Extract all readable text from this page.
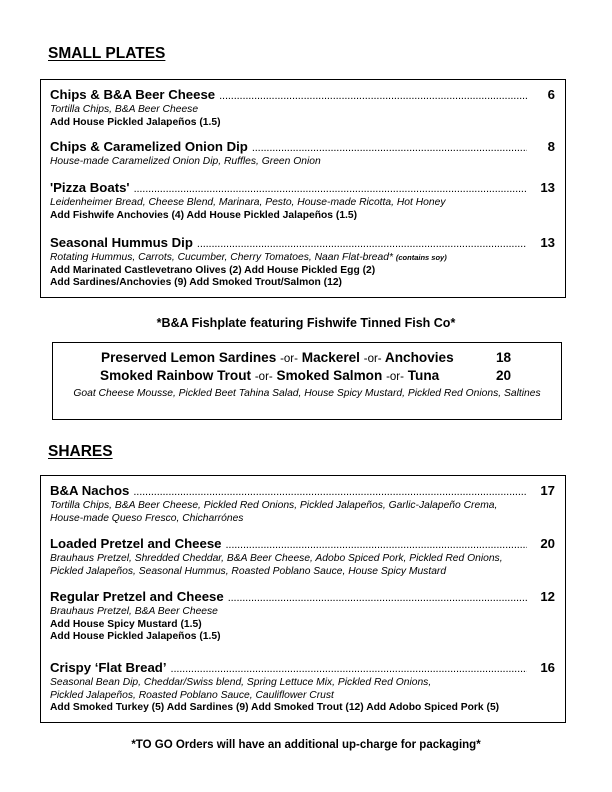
SMALL PLATES
Chips & B&A Beer Cheese . . .	6
Tortilla Chips, B&A Beer Cheese
Add House Pickled Jalapeños (1.5)
Chips & Caramelized Onion Dip . . .	8
House-made Caramelized Onion Dip, Ruffles, Green Onion
'Pizza Boats' . . .	13
Leidenheimer Bread, Cheese Blend, Marinara, Pesto, House-made Ricotta, Hot Honey
Add Fishwife Anchovies (4) Add House Pickled Jalapeños (1.5)
Seasonal Hummus Dip . . .	13
Rotating Hummus, Carrots, Cucumber, Cherry Tomatoes, Naan Flat-bread* (contains soy)
Add Marinated Castlevetrano Olives (2) Add House Pickled Egg (2)
Add Sardines/Anchovies (9) Add Smoked Trout/Salmon (12)
*B&A Fishplate featuring Fishwife Tinned Fish Co*
Preserved Lemon Sardines -or- Mackerel -or- Anchovies	18
Smoked Rainbow Trout -or- Smoked Salmon -or- Tuna	20
Goat Cheese Mousse, Pickled Beet Tahina Salad, House Spicy Mustard, Pickled Red Onions, Saltines
SHARES
B&A Nachos . . .	17
Tortilla Chips, B&A Beer Cheese, Pickled Red Onions, Pickled Jalapeños, Garlic-Jalapeño Crema,
House-made Queso Fresco, Chicharrónes
Loaded Pretzel and Cheese . . .	20
Brauhaus Pretzel, Shredded Cheddar, B&A Beer Cheese, Adobo Spiced Pork, Pickled Red Onions,
Pickled Jalapeños, Seasonal Hummus, Roasted Poblano Sauce, House Spicy Mustard
Regular Pretzel and Cheese . . .	12
Brauhaus Pretzel, B&A Beer Cheese
Add House Spicy Mustard (1.5)
Add House Pickled Jalapeños (1.5)
Crispy ‘Flat Bread’ . . .	16
Seasonal Bean Dip, Cheddar/Swiss blend, Spring Lettuce Mix, Pickled Red Onions,
Pickled Jalapeños, Roasted Poblano Sauce, Cauliflower Crust
Add Smoked Turkey (5) Add Sardines (9) Add Smoked Trout (12) Add Adobo Spiced Pork (5)
*TO GO Orders will have an additional up-charge for packaging*
